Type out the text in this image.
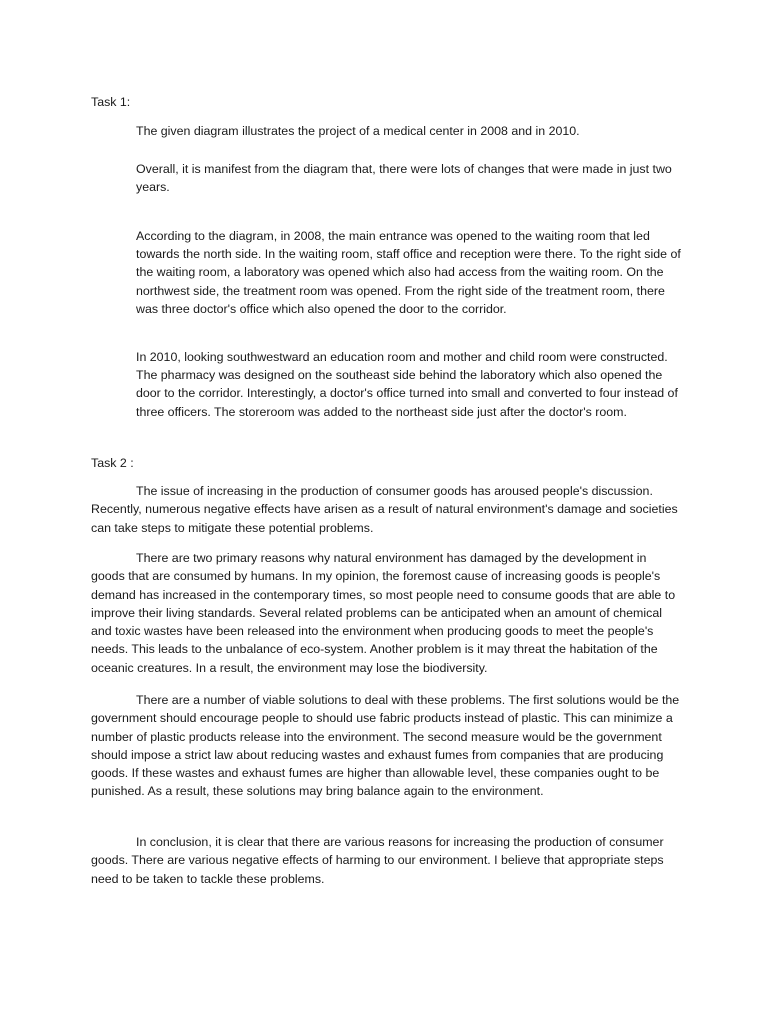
Task 1:

The given diagram illustrates the project of a medical center in 2008 and in 2010.

Overall, it is manifest from the diagram that, there were lots of changes that were made in just two years.

According to the diagram, in 2008, the main entrance was opened to the waiting room that led towards the north side. In the waiting room, staff office and reception were there. To the right side of the waiting room, a laboratory was opened which also had access from the waiting room. On the northwest side, the treatment room was opened. From the right side of the treatment room, there was three doctor's office which also opened the door to the corridor.

In 2010, looking southwestward an education room and mother and child room were constructed. The pharmacy was designed on the southeast side behind the laboratory which also opened the door to the corridor. Interestingly, a doctor's office turned into small and converted to four instead of three officers. The storeroom was added to the northeast side just after the doctor's room.

Task 2 :

The issue of increasing in the production of consumer goods has aroused people's discussion. Recently, numerous negative effects have arisen as a result of natural environment's damage and societies can take steps to mitigate these potential problems.

There are two primary reasons why natural environment has damaged by the development in goods that are consumed by humans. In my opinion, the foremost cause of increasing goods is people's demand has increased in the contemporary times, so most people need to consume goods that are able to improve their living standards. Several related problems can be anticipated when an amount of chemical and toxic wastes have been released into the environment when producing goods to meet the people's needs. This leads to the unbalance of eco-system. Another problem is it may threat the habitation of the oceanic creatures. In a result, the environment may lose the biodiversity.

There are a number of viable solutions to deal with these problems. The first solutions would be the government should encourage people to should use fabric products instead of plastic. This can minimize a number of plastic products release into the environment. The second measure would be the government should impose a strict law about reducing wastes and exhaust fumes from companies that are producing goods. If these wastes and exhaust fumes are higher than allowable level, these companies ought to be punished. As a result, these solutions may bring balance again to the environment.

In conclusion, it is clear that there are various reasons for increasing the production of consumer goods. There are various negative effects of harming to our environment. I believe that appropriate steps need to be taken to tackle these problems.
